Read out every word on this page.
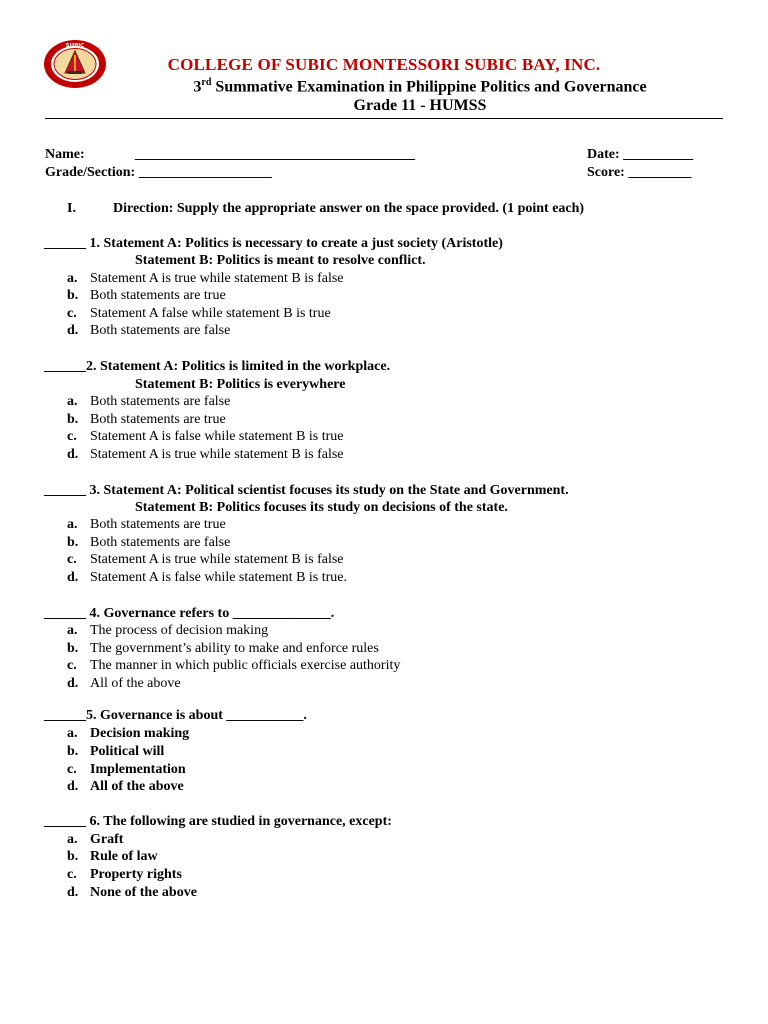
SUBIC
COLLEGE OF SUBIC MONTESSORI SUBIC BAY, INC.
3rd Summative Examination in Philippine Politics and Governance
Grade 11 - HUMSS
Name:	________________________________________	Date: __________
Grade/Section: ___________________	Score: _________
I.	Direction: Supply the appropriate answer on the space provided. (1 point each)
______ 1. Statement A: Politics is necessary to create a just society (Aristotle)
Statement B: Politics is meant to resolve conflict.
a. Statement A is true while statement B is false
b. Both statements are true
c. Statement A false while statement B is true
d. Both statements are false
______2. Statement A: Politics is limited in the workplace.
Statement B: Politics is everywhere
a. Both statements are false
b. Both statements are true
c. Statement A is false while statement B is true
d. Statement A is true while statement B is false
______ 3. Statement A: Political scientist focuses its study on the State and Government.
Statement B: Politics focuses its study on decisions of the state.
a. Both statements are true
b. Both statements are false
c. Statement A is true while statement B is false
d. Statement A is false while statement B is true.
______ 4. Governance refers to ______________.
a. The process of decision making
b. The government’s ability to make and enforce rules
c. The manner in which public officials exercise authority
d. All of the above
______5. Governance is about ___________.
a. Decision making
b. Political will
c. Implementation
d. All of the above
______ 6. The following are studied in governance, except:
a. Graft
b. Rule of law
c. Property rights
d. None of the above
